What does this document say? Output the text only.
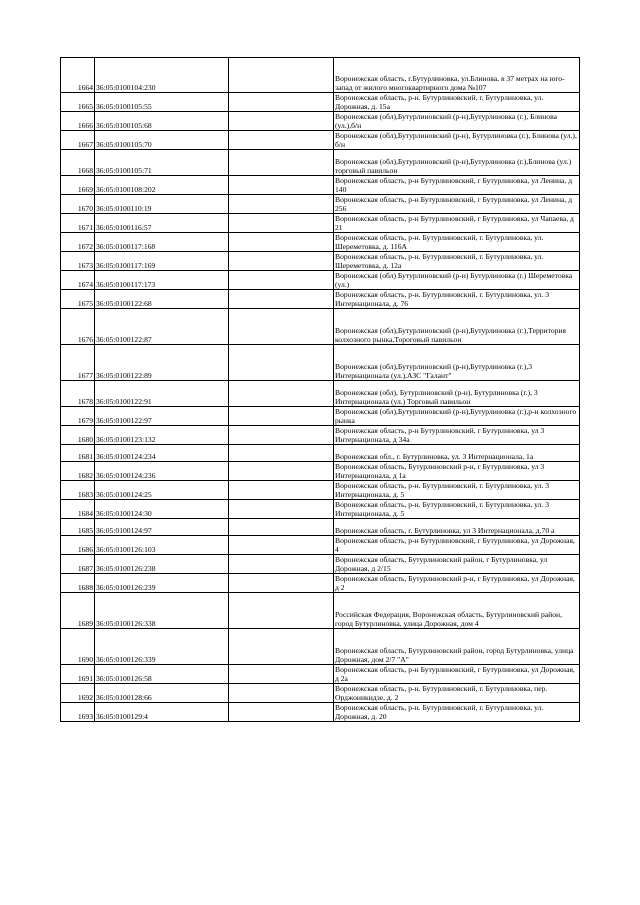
1664	36:05:0100104:230		Воронежская область, г.Бутурлиновка, ул.Блинова, в 37 метрах на юго-запад от жилого многоквартирного дома №107
1665	36:05:0100105:55		Воронежская область, р-н. Бутурлиновский, г. Бутурлиновка, ул. Дорожная, д. 15а
1666	36:05:0100105:68		Воронежская (обл),Бутурлиновский (р-н),Бутурлиновка (г.), Блинова (ул.),б/н
1667	36:05:0100105:70		Воронежская (обл),Бутурлиновский (р-н), Бутурлиновка (г.), Блинова (ул.), б/н
1668	36:05:0100105:71		Воронежская (обл),Бутурлиновский (р-н),Бутурлиновка (г.),Блинова (ул.) торговый павильон
1669	36:05:0100108:202		Воронежская область, р-н Бутурлиновский, г Бутурлиновка, ул Ленина, д 140
1670	36:05:0100110:19		Воронежская область, р-н Бутурлиновский, г Бутурлиновка, ул Ленина, д 256
1671	36:05:0100116:57		Воронежская область, р-н Бутурлиновский, г Бутурлиновка, ул Чапаева, д 21
1672	36:05:0100117:168		Воронежская область, р-н. Бутурлиновский, г. Бутурлиновка, ул. Шереметовка, д. 116А
1673	36:05:0100117:169		Воронежская область, р-н. Бутурлиновский, г. Бутурлиновка, ул. Шереметовка, д. 12а
1674	36:05:0100117:173		Воронежская (обл) Бутурлиновский (р-н) Бутурлиновка (г.) Шереметовка (ул.)
1675	36:05:0100122:68		Воронежская область, р-н. Бутурлиновский, г. Бутурлиновка, ул. 3 Интернационала, д. 76
1676	36:05:0100122:87		Воронежская (обл),Бутурлиновский (р-н),Бутурлиновка (г.),Территория колхозного рынка,Тороговый павильон
1677	36:05:0100122:89		Воронежская (обл),Бутурлиновский (р-н),Бутурлиновка (г.),3 Интернационала (ул.),АЗС "Галант"
1678	36:05:0100122:91		Воронежская (обл), Бутурлиновский (р-н), Бутурлиновка (г.), 3 Интернационала (ул.) Торговый павильон
1679	36:05:0100122:97		Воронежская (обл),Бутурлиновский (р-н),Бутурлиновка (г.),р-н колхозного рынка
1680	36:05:0100123:132		Воронежская область, р-н Бутурлиновский, г Бутурлиновка, ул 3 Интернационала, д 34а
1681	36:05:0100124:234		Воронежская обл., г. Бутурлиновка, ул. 3 Интернационала, 1а
1682	36:05:0100124:236		Воронежская область, Бутурлиновский р-н, г Бутурлиновка, ул 3 Интернационала, д 1а
1683	36:05:0100124:25		Воронежская область, р-н. Бутурлиновский, г. Бутурлиновка, ул. 3 Интернационала, д. 5
1684	36:05:0100124:30		Воронежская область, р-н. Бутурлиновский, г. Бутурлиновка, ул. 3 Интернационала, д. 5
1685	36:05:0100124:97		Воронежская область, г. Бутурлиновка, ул 3 Интернационала, д.70 а
1686	36:05:0100126:103		Воронежская область, р-н Бутурлиновский, г Бутурлиновка, ул Дорожная, 4
1687	36:05:0100126:238		Воронежская область, Бутурлиновский район, г Бутурлиновка, ул Дорожная, д 2/15
1688	36:05:0100126:239		Воронежская область, Бутурлиновский р-н, г Бутурлиновка, ул Дорожная, д 2
1689	36:05:0100126:338		Российская Федерация, Воронежская область, Бутурлиновский район, город Бутурлиновка, улица Дорожная, дом 4
1690	36:05:0100126:339		Воронежская область, Бутурлиновский район, город Бутурлиновка, улица Дорожная, дом 2/7 "А"
1691	36:05:0100126:58		Воронежская область, р-н Бутурлиновский, г Бутурлиновка, ул Дорожная, д 2а
1692	36:05:0100128:66		Воронежская область, р-н. Бутурлиновский, г. Бутурлиновка, пер. Орджоникидзе, д. 2
1693	36:05:0100129:4		Воронежская область, р-н. Бутурлиновский, г. Бутурлиновка, ул. Дорожная, д. 20
